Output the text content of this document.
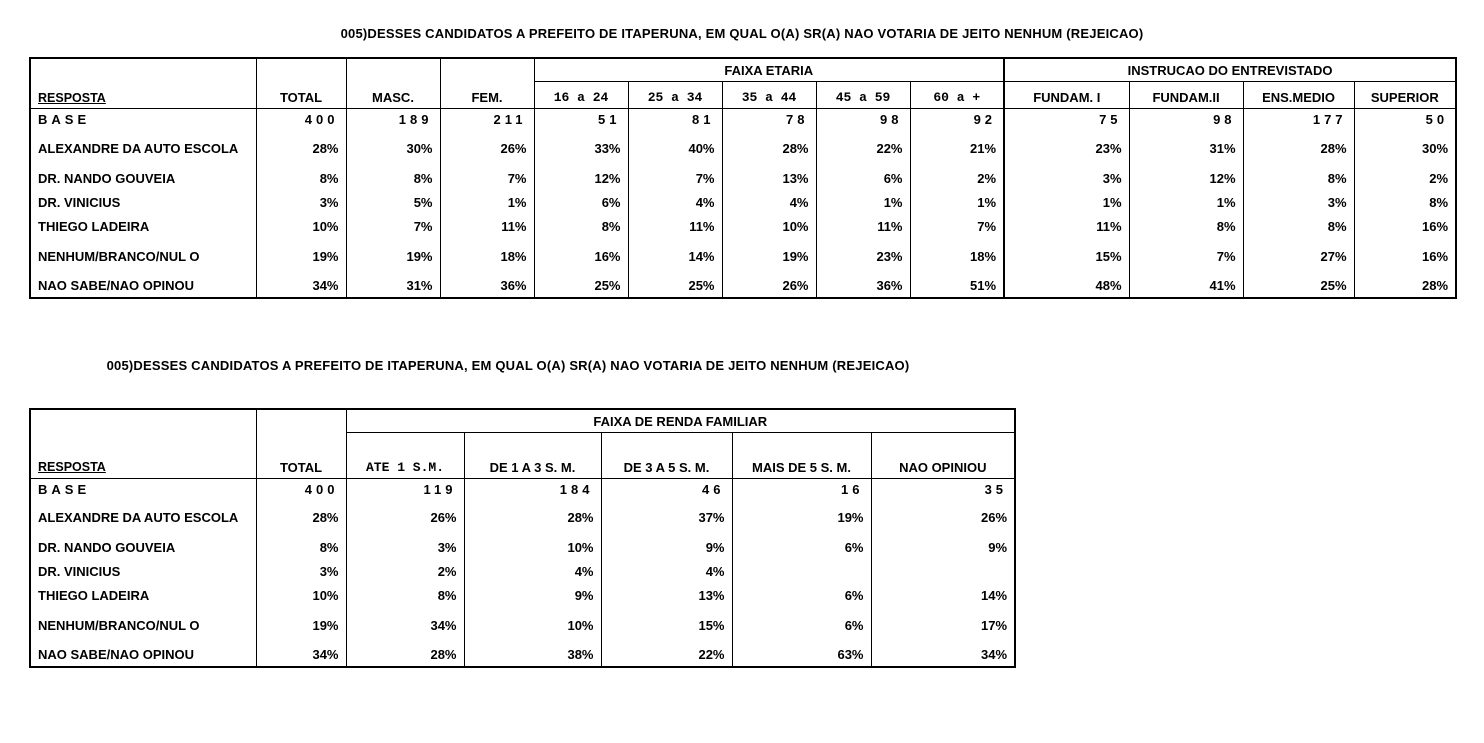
005)DESSES CANDIDATOS A PREFEITO DE ITAPERUNA, EM QUAL O(A) SR(A) NAO VOTARIA DE JEITO NENHUM (REJEICAO)
				FAIXA ETARIA					INSTRUCAO DO ENTREVISTADO			
RESPOSTA	TOTAL	MASC.	FEM.	16 a 24	25 a 34	35 a 44	45 a 59	60 a +	FUNDAM. I	FUNDAM.II	ENS.MEDIO	SUPERIOR
BASE	400	189	211	51	81	78	98	92	75	98	177	50
ALEXANDRE DA AUTO ESCOLA	28%	30%	26%	33%	40%	28%	22%	21%	23%	31%	28%	30%
DR. NANDO GOUVEIA	8%	8%	7%	12%	7%	13%	6%	2%	3%	12%	8%	2%
DR. VINICIUS	3%	5%	1%	6%	4%	4%	1%	1%	1%	1%	3%	8%
THIEGO LADEIRA	10%	7%	11%	8%	11%	10%	11%	7%	11%	8%	8%	16%
NENHUM/BRANCO/NUL O	19%	19%	18%	16%	14%	19%	23%	18%	15%	7%	27%	16%
NAO SABE/NAO OPINOU	34%	31%	36%	25%	25%	26%	36%	51%	48%	41%	25%	28%
005)DESSES CANDIDATOS A PREFEITO DE ITAPERUNA, EM QUAL O(A) SR(A) NAO VOTARIA DE JEITO NENHUM (REJEICAO)
		FAIXA DE RENDA FAMILIAR				
RESPOSTA	TOTAL	ATE 1 S.M.	DE 1 A 3 S. M.	DE 3 A 5 S. M.	MAIS DE 5 S. M.	NAO OPINIOU
BASE	400	119	184	46	16	35
ALEXANDRE DA AUTO ESCOLA	28%	26%	28%	37%	19%	26%
DR. NANDO GOUVEIA	8%	3%	10%	9%	6%	9%
DR. VINICIUS	3%	2%	4%	4%		
THIEGO LADEIRA	10%	8%	9%	13%	6%	14%
NENHUM/BRANCO/NUL O	19%	34%	10%	15%	6%	17%
NAO SABE/NAO OPINOU	34%	28%	38%	22%	63%	34%
